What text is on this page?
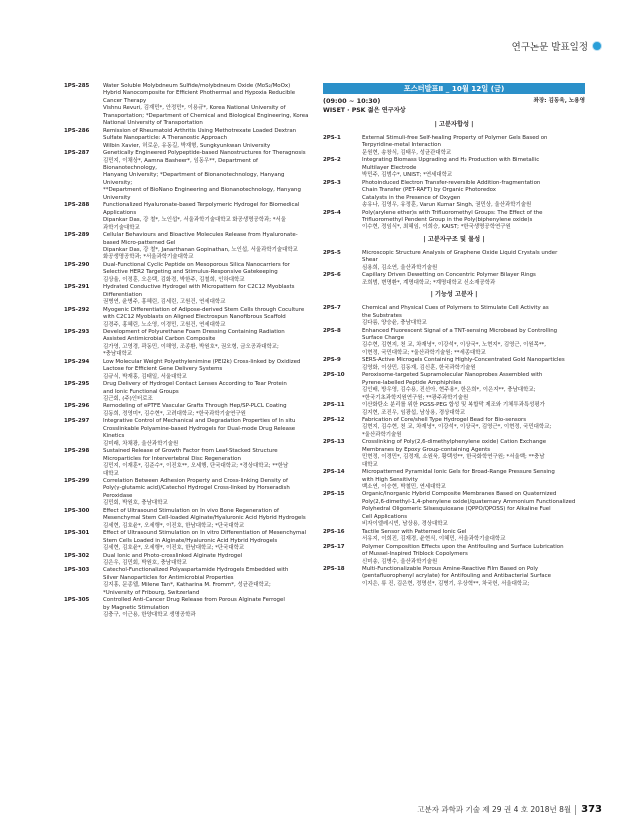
연구논문 발표일정
1PS-285	Water Soluble Molybdneum Sulfide/molybdneum Oxide (MoS₂/MoOx)
Hybrid Nanocomposite for Efficient Phothermal and Hypoxia Reducible
Cancer Therapy
Vishnu Revuri, 김재민*, 안정민*, 이용규*, Korea National University of
Transportation; *Department of Chemical and Biological Engineering, Korea
National University of Transportation
1PS-286	Remission of Rheumatoid Arthritis Using Methotrexate Loaded Dextran
Sulfate Nanoparticle: A Theranostic Approach
Wilbin Xavier, 허로운, 유동길, 박재형, Sungkyunkwan University
1PS-287	Genetically Engineered Polypeptide-based Nanostructures for Theragnosis
김민지, 이채상*, Aamna Basheer*, 임동우**, Department of Bionanotechnology,
Hanyang University; *Department of Bionanotechnology, Hanyang University;
**Department of BioNano Engineering and Bionanotechnology, Hanyang
University
1PS-288	Functionalized Hyaluronate-based Terpolymeric Hydrogel for Biomedical
Applications
Dipankar Das, 강 철*, 노인섭*, 서울과학기술대학교 화공생명공학과; *서울
과학기술대학교
1PS-289	Cellular Behaviours and Bioactive Molecules Release from Hyaluronate-
based Micro-patterned Gel
Dipankar Das, 강 철*, Janarthanan Gopinathan, 노인섭, 서울과학기술대학교
화공생명공학과; *서울과학기술대학교
1PS-290	Dual-Functional Cyclic Peptide on Mesoporous Silica Nanocarriers for
Selective HER2 Targeting and Stimulus-Responsive Gatekeeping
김상율, 이정훈, 오은택, 김화경, 박한주, 김철희, 인하대학교
1PS-291	Hydrated Conductive Hydrogel with Micropattern for C2C12 Myoblasts
Differentiation
권병연, 윤병주, 홍혜린, 김세린, 고원건, 연세대학교
1PS-292	Myogenic Differentiation of Adipose-derived Stem Cells through Coculture
with C2C12 Myoblasts on Aligned Electrospun Nanofibrous Scaffold
김경주, 홍혜린, 노소영, 이경민, 고원건, 연세대학교
1PS-293	Development of Polyurethane Foam Dressing Containing Radiation
Assisted Antimicrobial Carbon Composite
김가영, 고영경, 곽동민, 이해영, 조종환, 박원호*, 권오형, 금오공과대학교;
*충남대학교
1PS-294	Low Molecular Weight Polyethylenimine (PEI2k) Cross-linked by Oxidized
Lactose for Efficient Gene Delivery Systems
김규식, 박재홍, 김태일, 서울대학교
1PS-295	Drug Delivery of Hydrogel Contact Lenses According to Tear Protein
and Ionic Functional Groups
김근회, (주)인터로조
1PS-296	Remodeling of ePTFE Vascular Grafts Through Hep/SP-PLCL Coating
김동희, 정영미*, 김수현*, 고려대학교; *한국과학기술연구원
1PS-297	Integrative Control of Mechanical and Degradation Properties of In situ
Crosslinkable Polyamine-based Hydrogels for Dual-mode Drug Release
Kinetics
김미래, 차채광, 울산과학기술원
1PS-298	Sustained Release of Growth Factor from Leaf-Stacked Structure
Microparticles for Intervertebral Disc Regeneration
김민지, 이재훈*, 김준수*, 이진호**, 오세행, 단국대학교; *경상대학교; **한남
대학교
1PS-299	Correlation Between Adhesion Property and Cross-linking Density of
Poly(γ-glutamic acid)/Catechol Hydrogel Cross-linked by Horseradish
Peroxidase
김민회, 박원호, 충남대학교
1PS-300	Effect of Ultrasound Stimulation on In vivo Bone Regeneration of
Mesenchymal Stem Cell-loaded Alginate/Hyaluronic Acid Hybrid Hydrogels
김세현, 김호윤*, 오세행*, 이진호, 한남대학교; *단국대학교
1PS-301	Effect of Ultrasound Stimulation on In vitro Differentiation of Mesenchymal
Stem Cells Loaded in Alginate/Hyaluronic Acid Hybrid Hydrogels
김세현, 김호윤*, 오세행*, 이진호, 한남대학교; *단국대학교
1PS-302	Dual Ionic and Photo-crosslinked Alginate Hydrogel
김은우, 김민회, 박원호, 충남대학교
1PS-303	Catechol-Functionalized Polyaspartamide Hydrogels Embedded with
Silver Nanoparticles for Antimicrobial Properties
김지홍, 문종웹, Milene Tan*, Katharina M. Fromm*, 성균관대학교;
*University of Fribourg, Switzerland
1PS-305	Controlled Anti-Cancer Drug Release from Porous Alginate Ferrogel
by Magnetic Stimulation
김충구, 이근용, 한양대학교 생명공학과
포스터발표Ⅱ _ 10월 12일 (금)
(09:00 ~ 10:30)	좌장: 김동욱, 노용영
WISET · PSK 젊은 연구자상
| 고분자합성 |
2PS-1	External Stimuli-free Self-healing Property of Polymer Gels Based on
Terpyridine-metal Interaction
문원현, 송창식, 김태우, 성균관대학교
2PS-2	Integrating Biomass Upgrading and H₂ Production with Bimetallic
Multilayer Electrode
박민주, 김범수*, UNIST; *연세대학교
2PS-3	Photoinduced Electron Transfer-reversible Addition-fragmentation
Chain Transfer (PET-RAFT) by Organic Photoredox
Catalysts in the Presence of Oxygen
송유나, 김영우, 유정훈, Varun Kumar Singh, 권민상, 울산과학기술원
2PS-4	Poly(arylene ether)s with Trifluoromethyl Groups: The Effect of the
Trifluoromethyl Pendent Group in the Poly(biphenylene oxide)s
이수현, 정임식*, 최혜임, 이희승, KAIST; *한국생명공학연구원
| 고분자구조 및 물성 |
2PS-5	Microscopic Structure Analysis of Graphene Oxide Liquid Crystals under
Shear
심용희, 김소연, 울산과학기술원
2PS-6	Capillary Driven Dewetting on Concentric Polymer Bilayer Rings
조희범, 변명환*, 계명대학교; *계명대학교 신소재공학과
| 기능성 고분자 |
2PS-7	Chemical and Physical Cues of Polymers to Stimulate Cell Activity as
the Substrates
김다름, 양승윤, 충남대학교
2PS-8	Enhanced Fluorescent Signal of a TNT-sensing Microbead by Controlling
Surface Charge
김수현, 김현지, 천 교, 차재녕*, 이강석*, 이상국*, 노현지*, 김영근, 이원목**,
이현정, 국민대학교; *울산과학기술원; **세종대학교
2PS-9	SERS-Active Microgels Containing Highly-Concentrated Gold Nanoparticles
김영화, 이상민, 김동재, 김신훈, 한국과학기술원
2PS-10	Peroxisome-targeted Supramolecular Nanoprobes Assembled with
Pyrene-labelled Peptide Amphiphiles
김인배, 방우영, 김수용, 진선아, 현주용*, 한은희*, 이은지**, 충남대학교;
*한국기초과학지원연구원; **광주과학기술원
2PS-11	이산화탄소 분리를 위한 PGSS-PEG 합성 및 복합막 제조와 기체투과특성평가
김지현, 조진우, 임광섭, 남상용, 경상대학교
2PS-12	Fabrication of Core/shell Type Hydrogel Bead for Bio-sensors
김현지, 김수현, 천 교, 차재녕*, 이강석*, 이상국*, 김영근*, 이현정, 국민대학교;
*울산과학기술원
2PS-13	Crosslinking of Poly(2,6-dimethylphenylene oxide) Cation Exchange
Membranes by Epoxy Group-containing Agents
민현정, 이경민*, 김정재, 소원욱, 황택성**, 한국화학연구원; *서울백; **충남
대학교
2PS-14	Micropatterned Pyramidal Ionic Gels for Broad-Range Pressure Sensing
with High Sensitivity
백소연, 이승현, 박철민, 연세대학교
2PS-15	Organic/Inorganic Hybrid Composite Membranes Based on Quaternized
Poly(2,6-dimethyl-1,4-phenylene oxide)/quaternary Ammonium Functionalized
Polyhedral Oligomeric Silsesquioxane (QPPO/QPOSS) for Alkaline Fuel
Cell Applications
비자이엘레시빈, 남상용, 경상대학교
2PS-16	Tactile Sensor with Patterned Ionic Gel
서유지, 이희진, 김재경, 윤현식, 이혜민, 서울과학기술대학교
2PS-17	Polymer Composition Effects upon the Antifouling and Surface Lubrication
of Mussel-Inspired Triblock Copolymers
신미송, 김병수, 울산과학기술원
2PS-18	Multi-Functionalizable Porous Amine-Reactive Film Based on Poly
(pentafluorophenyl acrylate) for Antifouling and Antibacterial Surface
이지은, 류 진, 김은현, 정명선*, 김병기, 우상혁**, 차국헌, 서울대학교;
고분자 과학과 기술 제 29 권 4 호 2018년 8월 373
